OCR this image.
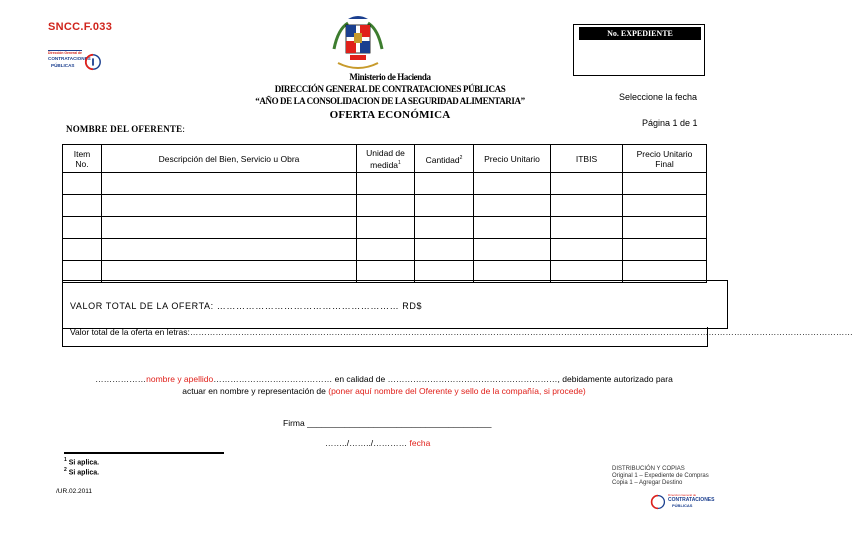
SNCC.F.033
Dirección General de
CONTRATACIONES
PÚBLICAS
Ministerio de Hacienda
DIRECCIÓN GENERAL DE CONTRATACIONES PÚBLICAS
“AÑO DE LA CONSOLIDACION DE LA SEGURIDAD ALIMENTARIA”
OFERTA ECONÓMICA
No. EXPEDIENTE
Seleccione la fecha
Página 1 de 1
NOMBRE DEL OFERENTE:
Item No.	Descripción del Bien, Servicio u Obra	Unidad de medida$^1$	Cantidad$^2$	Precio Unitario	ITBIS	Precio Unitario Final

VALOR TOTAL DE LA OFERTA: ………………………………………………… RD$
Valor total de la oferta en letras:………………………………………………………………………………………………………………………………………………………………………………………………………………
………………nombre y apellido…………………………………… en calidad de ……………………………………………………, debidamente autorizado para
actuar en nombre y representación de (poner aquí nombre del Oferente y sello de la compañía, si procede)
Firma _______________________________________
……../……../………… fecha
$^1$ Si aplica.
$^2$ Si aplica.
/UR.02.2011
DISTRIBUCIÓN Y COPIAS
Original 1 – Expediente de Compras
Copia 1 – Agregar Destino
Dirección General de
CONTRATACIONES
PÚBLICAS
